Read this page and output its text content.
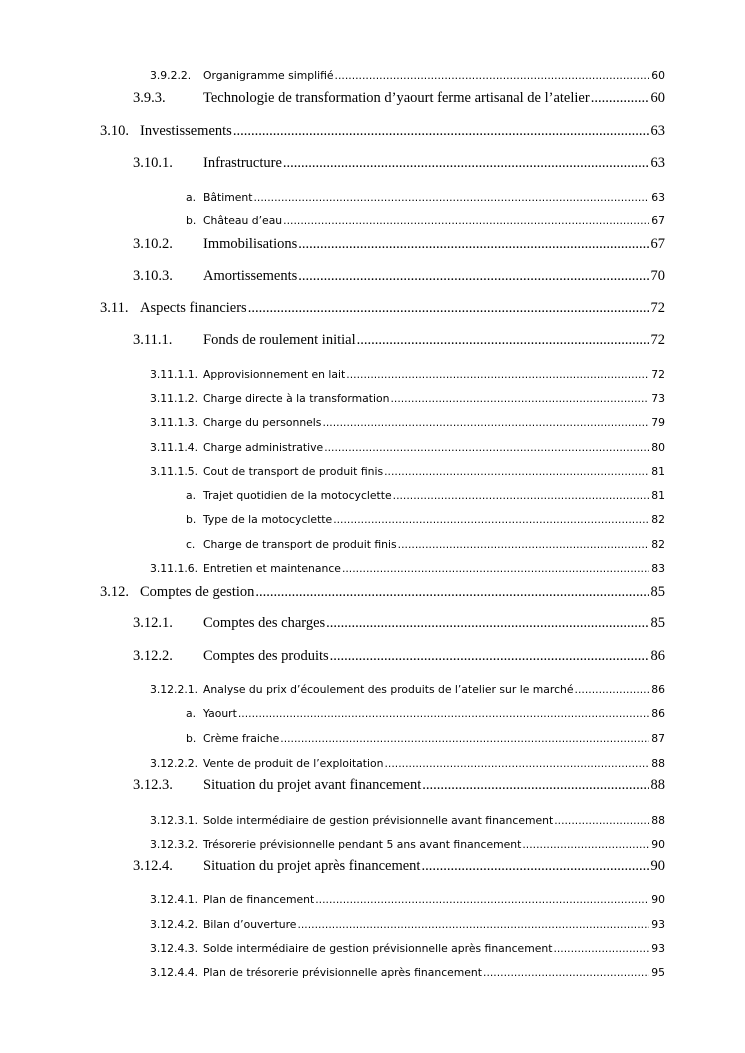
3.9.2.2.	Organigramme simplifié .....	60
3.9.3.	Technologie de transformation d’yaourt ferme artisanal de l’atelier .....	60
3.10. Investissements .....	63
3.10.1.	Infrastructure .....	63
a. Bâtiment .....	63
b. Château d’eau .....	67
3.10.2.	Immobilisations .....	67
3.10.3.	Amortissements .....	70
3.11. Aspects financiers .....	72
3.11.1.	Fonds de roulement initial .....	72
3.11.1.1. Approvisionnement en lait .....	72
3.11.1.2. Charge directe à la transformation .....	73
3.11.1.3. Charge du personnels .....	79
3.11.1.4. Charge administrative .....	80
3.11.1.5. Cout de transport de produit finis .....	81
a. Trajet quotidien de la motocyclette .....	81
b. Type de la motocyclette .....	82
c. Charge de transport de produit finis .....	82
3.11.1.6. Entretien et maintenance .....	83
3.12. Comptes de gestion .....	85
3.12.1.	Comptes des charges .....	85
3.12.2.	Comptes des produits .....	86
3.12.2.1. Analyse du prix d’écoulement des produits de l’atelier sur le marché .....	86
a. Yaourt .....	86
b. Crème fraiche .....	87
3.12.2.2. Vente de produit de l’exploitation .....	88
3.12.3.	Situation du projet avant financement .....	88
3.12.3.1. Solde intermédiaire de gestion prévisionnelle avant financement .....	88
3.12.3.2. Trésorerie prévisionnelle pendant 5 ans avant financement .....	90
3.12.4.	Situation du projet après financement .....	90
3.12.4.1. Plan de financement .....	90
3.12.4.2. Bilan d’ouverture .....	93
3.12.4.3. Solde intermédiaire de gestion prévisionnelle après financement .....	93
3.12.4.4. Plan de trésorerie prévisionnelle après financement .....	95
